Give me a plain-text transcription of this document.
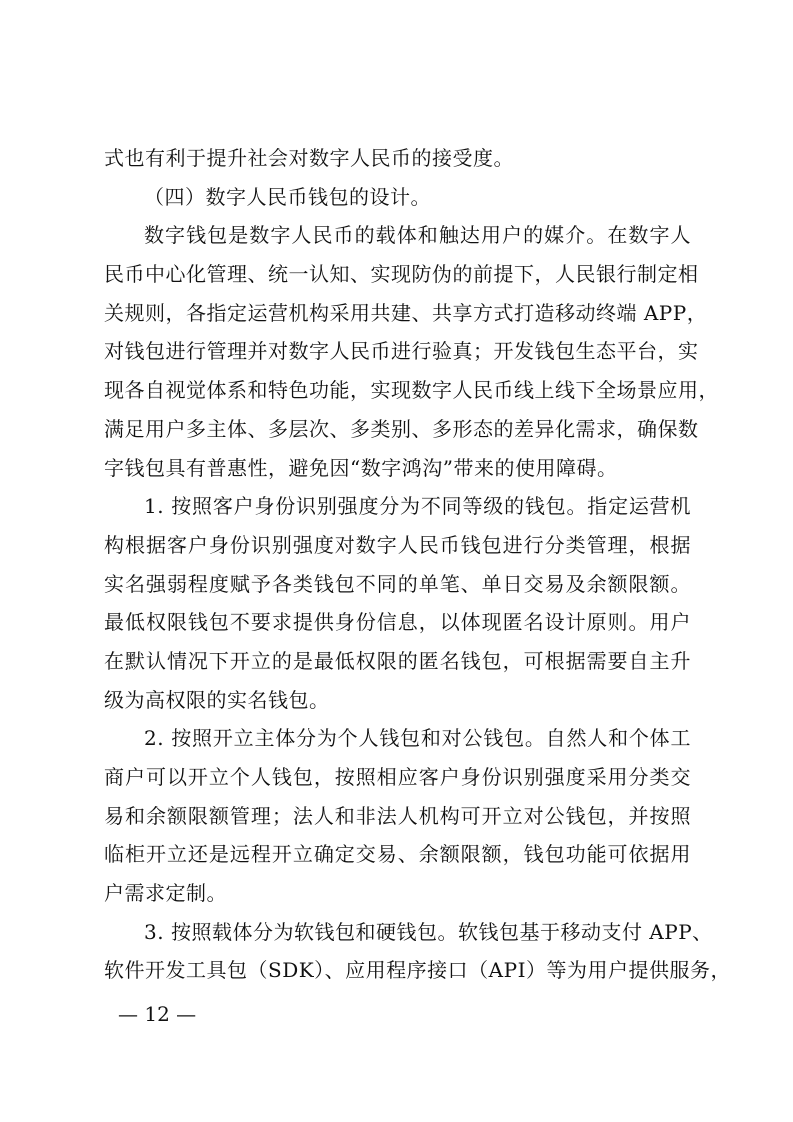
式也有利于提升社会对数字人民币的接受度。
（四）数字人民币钱包的设计。
数字钱包是数字人民币的载体和触达用户的媒介。在数字人
民币中心化管理、统一认知、实现防伪的前提下，人民银行制定相
关规则，各指定运营机构采用共建、共享方式打造移动终端 APP，
对钱包进行管理并对数字人民币进行验真；开发钱包生态平台，实
现各自视觉体系和特色功能，实现数字人民币线上线下全场景应用，
满足用户多主体、多层次、多类别、多形态的差异化需求，确保数
字钱包具有普惠性，避免因“数字鸿沟”带来的使用障碍。
1. 按照客户身份识别强度分为不同等级的钱包。指定运营机
构根据客户身份识别强度对数字人民币钱包进行分类管理，根据
实名强弱程度赋予各类钱包不同的单笔、单日交易及余额限额。
最低权限钱包不要求提供身份信息，以体现匿名设计原则。用户
在默认情况下开立的是最低权限的匿名钱包，可根据需要自主升
级为高权限的实名钱包。
2. 按照开立主体分为个人钱包和对公钱包。自然人和个体工
商户可以开立个人钱包，按照相应客户身份识别强度采用分类交
易和余额限额管理；法人和非法人机构可开立对公钱包，并按照
临柜开立还是远程开立确定交易、余额限额，钱包功能可依据用
户需求定制。
3. 按照载体分为软钱包和硬钱包。软钱包基于移动支付 APP、
软件开发工具包（SDK）、应用程序接口（API）等为用户提供服务，
— 12 —
